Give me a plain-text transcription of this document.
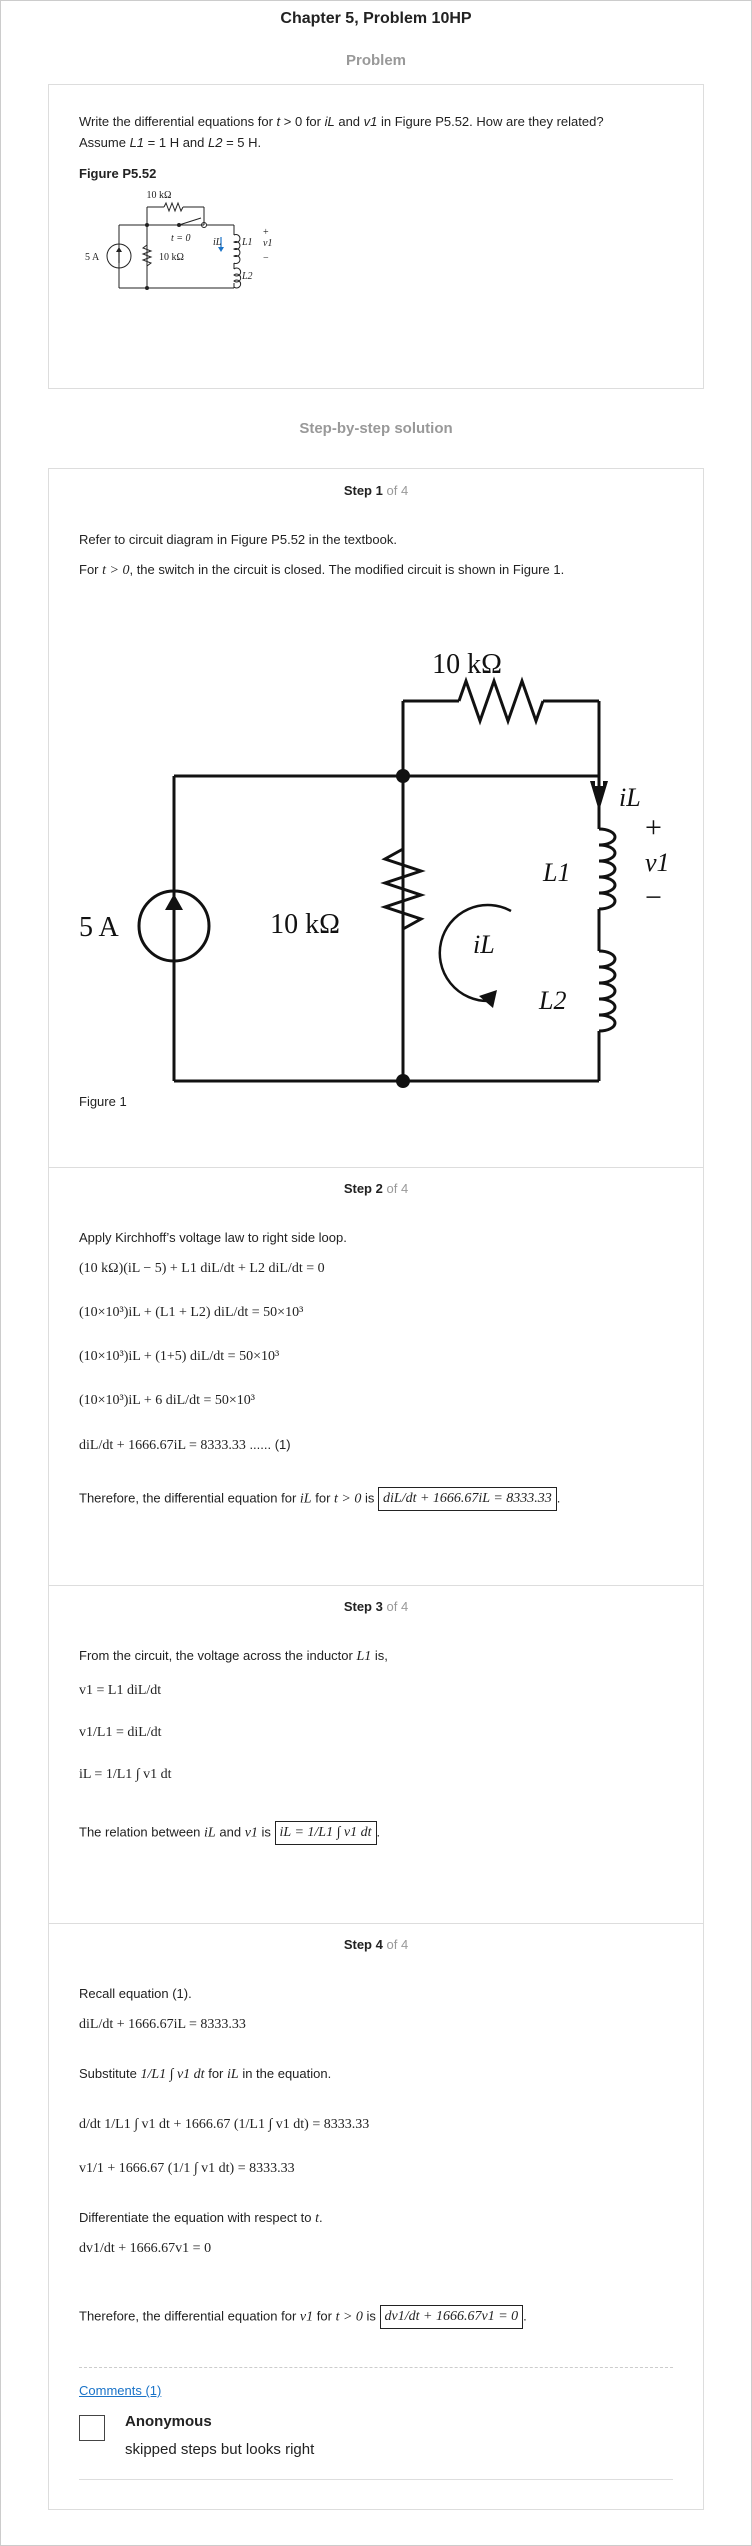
Chapter 5, Problem 10HP
Problem
Write the differential equations for t > 0 for iL and v1 in Figure P5.52. How are they related?
Assume L1 = 1 H and L2 = 5 H.
Figure P5.52
10 kΩ
t = 0 iL L1
L2
v1
+
−
5 A	10 kΩ
Step-by-step solution
Step 1 of 4
Refer to circuit diagram in Figure P5.52 in the textbook.
For t > 0, the switch in the circuit is closed. The modified circuit is shown in Figure 1.
10 kΩ
10 kΩ
5 A
iL
iL
L1
L2
v1
+
−
Figure 1
Step 2 of 4
Apply Kirchhoff’s voltage law to right side loop.
(10 kΩ)(iL − 5) + L1 diL/dt + L2 diL/dt = 0
(10×10³)iL + (L1 + L2) diL/dt = 50×10³
(10×10³)iL + (1+5) diL/dt = 50×10³
(10×10³)iL + 6 diL/dt = 50×10³
diL/dt + 1666.67iL = 8333.33 ...... (1)
Therefore, the differential equation for iL for t > 0 is diL/dt + 1666.67iL = 8333.33 .
Step 3 of 4
From the circuit, the voltage across the inductor L1 is,
v1 = L1 diL/dt
v1/L1 = diL/dt
iL = 1/L1 ∫ v1 dt
The relation between iL and v1 is iL = 1/L1 ∫ v1 dt .
Step 4 of 4
Recall equation (1).
diL/dt + 1666.67iL = 8333.33
Substitute 1/L1 ∫ v1 dt for iL in the equation.
d/dt 1/L1 ∫ v1 dt + 1666.67 (1/L1 ∫ v1 dt) = 8333.33
v1/1 + 1666.67 (1/1 ∫ v1 dt) = 8333.33
Differentiate the equation with respect to t.
dv1/dt + 1666.67v1 = 0
Therefore, the differential equation for v1 for t > 0 is dv1/dt + 1666.67v1 = 0 .
Comments (1)
Anonymous
skipped steps but looks right
